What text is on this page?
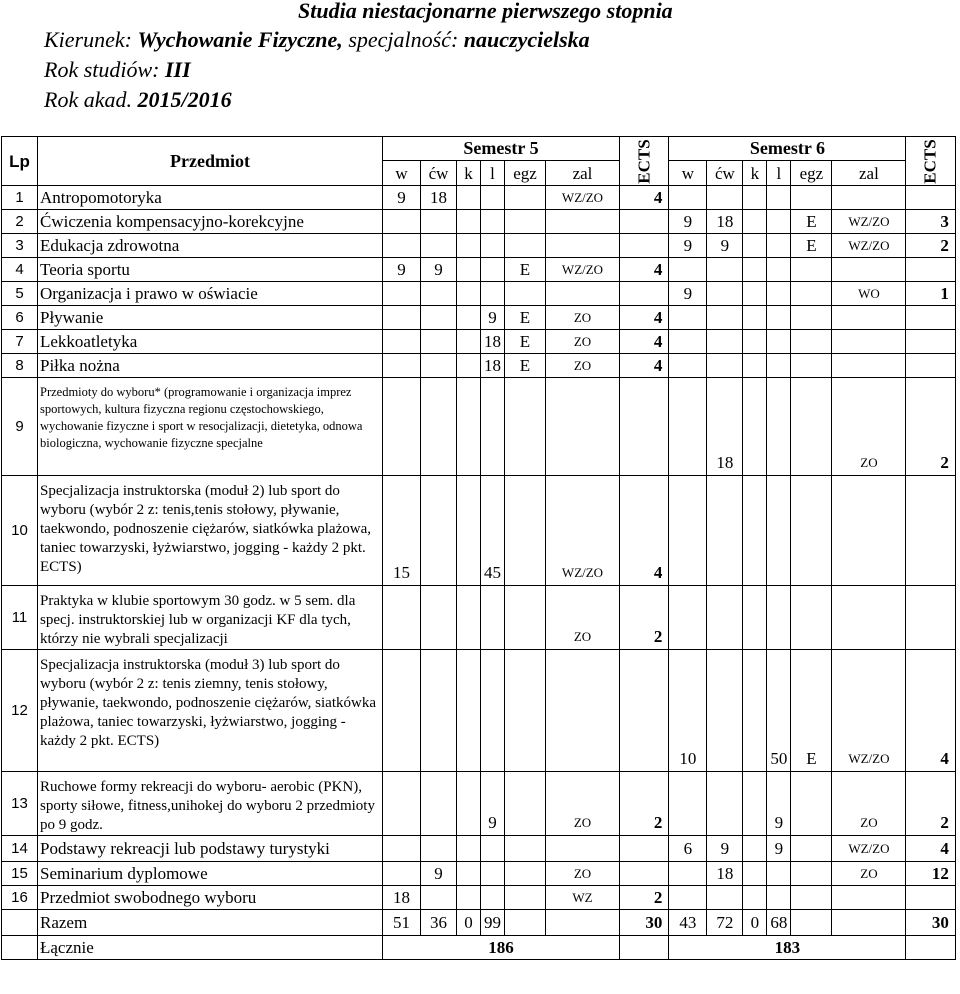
Studia niestacjonarne pierwszego stopnia
Kierunek: Wychowanie Fizyczne, specjalność: nauczycielska
Rok studiów: III
Rok akad. 2015/2016
Lp	Przedmiot	Semestr 5						ECTS	Semestr 6						ECTS
		w	ćw	k	l	egz	zal		w	ćw	k	l	egz	zal	
1	Antropomotoryka	9	18				WZ/ZO	4							
2	Ćwiczenia kompensacyjno-korekcyjne								9	18			E	WZ/ZO	3
3	Edukacja zdrowotna								9	9			E	WZ/ZO	2
4	Teoria sportu	9	9			E	WZ/ZO	4							
5	Organizacja i prawo w oświacie								9					WO	1
6	Pływanie				9	E	ZO	4							
7	Lekkoatletyka				18	E	ZO	4							
8	Piłka nożna				18	E	ZO	4							
9	Przedmioty do wyboru* (programowanie i organizacja imprez sportowych, kultura fizyczna regionu częstochowskiego, wychowanie fizyczne i sport w resocjalizacji, dietetyka, odnowa biologiczna, wychowanie fizyczne specjalne									18				ZO	2
10	Specjalizacja instruktorska (moduł 2) lub sport do wyboru (wybór 2 z: tenis,tenis stołowy, pływanie, taekwondo, podnoszenie ciężarów, siatkówka plażowa, taniec towarzyski, łyżwiarstwo, jogging - każdy 2 pkt. ECTS)	15			45		WZ/ZO	4							
11	Praktyka w klubie sportowym 30 godz. w 5 sem. dla specj. instruktorskiej lub w organizacji KF dla tych, którzy nie wybrali specjalizacji						ZO	2							
12	Specjalizacja instruktorska (moduł 3) lub sport do wyboru (wybór 2 z: tenis ziemny, tenis stołowy, pływanie, taekwondo, podnoszenie ciężarów, siatkówka plażowa, taniec towarzyski, łyżwiarstwo, jogging - każdy 2 pkt. ECTS)								10			50	E	WZ/ZO	4
13	Ruchowe formy rekreacji do wyboru- aerobic (PKN), sporty siłowe, fitness,unihokej do wyboru 2 przedmioty po 9 godz.				9		ZO	2				9		ZO	2
14	Podstawy rekreacji lub podstawy turystyki								6	9		9		WZ/ZO	4
15	Seminarium dyplomowe		9				ZO			18				ZO	12
16	Przedmiot swobodnego wyboru	18					WZ	2							
	Razem	51	36	0	99			30	43	72	0	68			30
	Łącznie	186							183						
